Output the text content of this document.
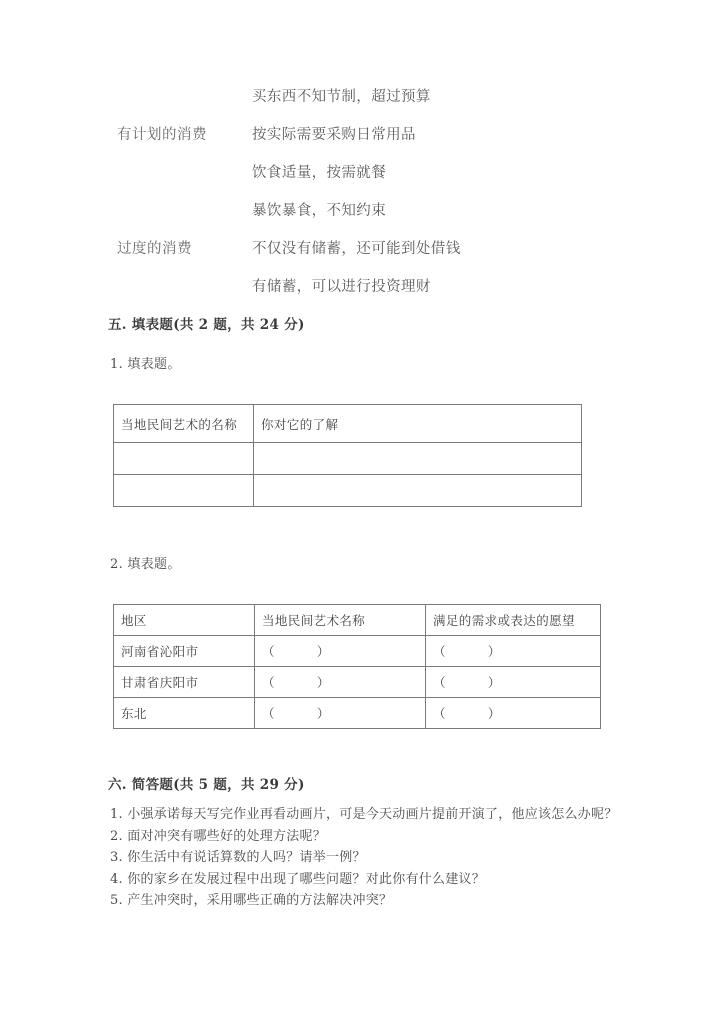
买东西不知节制，超过预算
有计划的消费	按实际需要采购日常用品
饮食适量，按需就餐
暴饮暴食，不知约束
过度的消费	不仅没有储蓄，还可能到处借钱
有储蓄，可以进行投资理财
五. 填表题(共 2 题，共 24 分)
1. 填表题。
当地民间艺术的名称	你对它的了解

2. 填表题。
地区	当地民间艺术名称	满足的需求或表达的愿望
河南省沁阳市	（ ）	（ ）
甘肃省庆阳市	（ ）	（ ）
东北	（ ）	（ ）
六. 简答题(共 5 题，共 29 分)
1. 小强承诺每天写完作业再看动画片，可是今天动画片提前开演了，他应该怎么办呢？
2. 面对冲突有哪些好的处理方法呢？
3. 你生活中有说话算数的人吗？请举一例？
4. 你的家乡在发展过程中出现了哪些问题？对此你有什么建议？
5. 产生冲突时，采用哪些正确的方法解决冲突？
